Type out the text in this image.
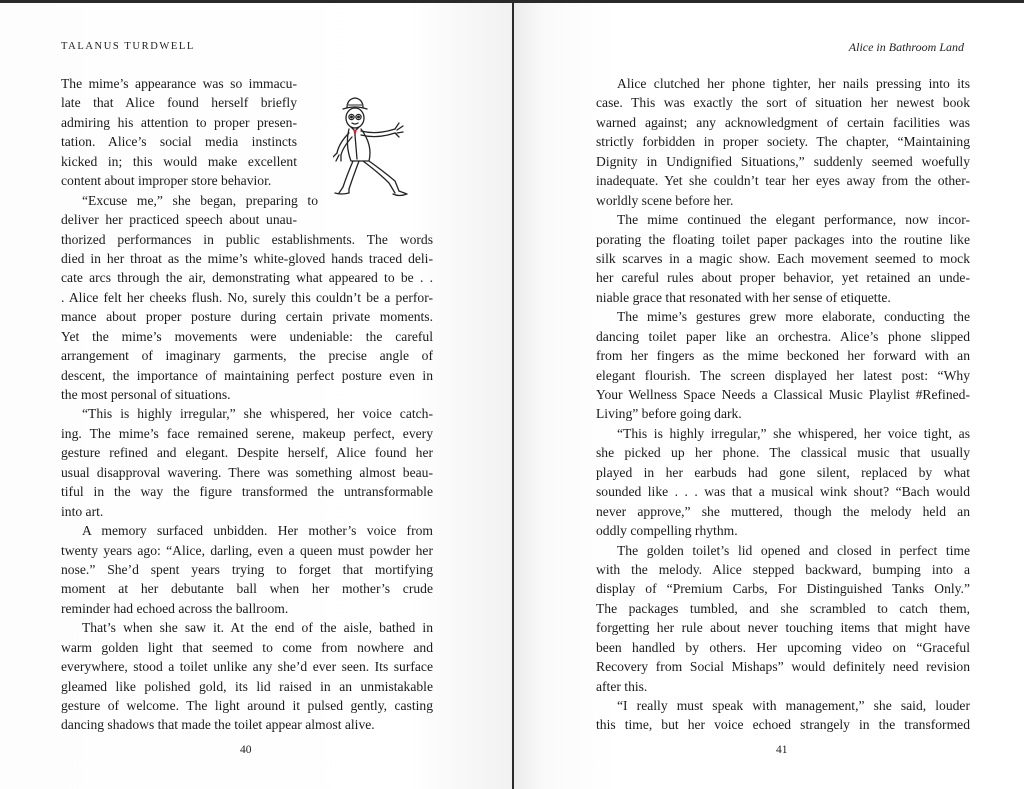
TALANUS TURDWELL
The mime’s appearance was so immacu-
late that Alice found herself briefly
admiring his attention to proper presen-
tation. Alice’s social media instincts
kicked in; this would make excellent
content about improper store behavior.
“Excuse me,” she began, preparing to
deliver her practiced speech about unau-
thorized performances in public establishments. The words
died in her throat as the mime’s white-gloved hands traced deli-
cate arcs through the air, demonstrating what appeared to be . .
. Alice felt her cheeks flush. No, surely this couldn’t be a perfor-
mance about proper posture during certain private moments.
Yet the mime’s movements were undeniable: the careful
arrangement of imaginary garments, the precise angle of
descent, the importance of maintaining perfect posture even in
the most personal of situations.
“This is highly irregular,” she whispered, her voice catch-
ing. The mime’s face remained serene, makeup perfect, every
gesture refined and elegant. Despite herself, Alice found her
usual disapproval wavering. There was something almost beau-
tiful in the way the figure transformed the untransformable
into art.
A memory surfaced unbidden. Her mother’s voice from
twenty years ago: “Alice, darling, even a queen must powder her
nose.” She’d spent years trying to forget that mortifying
moment at her debutante ball when her mother’s crude
reminder had echoed across the ballroom.
That’s when she saw it. At the end of the aisle, bathed in
warm golden light that seemed to come from nowhere and
everywhere, stood a toilet unlike any she’d ever seen. Its surface
gleamed like polished gold, its lid raised in an unmistakable
gesture of welcome. The light around it pulsed gently, casting
dancing shadows that made the toilet appear almost alive.
40
Alice in Bathroom Land
Alice clutched her phone tighter, her nails pressing into its
case. This was exactly the sort of situation her newest book
warned against; any acknowledgment of certain facilities was
strictly forbidden in proper society. The chapter, “Maintaining
Dignity in Undignified Situations,” suddenly seemed woefully
inadequate. Yet she couldn’t tear her eyes away from the other-
worldly scene before her.
The mime continued the elegant performance, now incor-
porating the floating toilet paper packages into the routine like
silk scarves in a magic show. Each movement seemed to mock
her careful rules about proper behavior, yet retained an unde-
niable grace that resonated with her sense of etiquette.
The mime’s gestures grew more elaborate, conducting the
dancing toilet paper like an orchestra. Alice’s phone slipped
from her fingers as the mime beckoned her forward with an
elegant flourish. The screen displayed her latest post: “Why
Your Wellness Space Needs a Classical Music Playlist #Refined-
Living” before going dark.
“This is highly irregular,” she whispered, her voice tight, as
she picked up her phone. The classical music that usually
played in her earbuds had gone silent, replaced by what
sounded like . . . was that a musical wink shout? “Bach would
never approve,” she muttered, though the melody held an
oddly compelling rhythm.
The golden toilet’s lid opened and closed in perfect time
with the melody. Alice stepped backward, bumping into a
display of “Premium Carbs, For Distinguished Tanks Only.”
The packages tumbled, and she scrambled to catch them,
forgetting her rule about never touching items that might have
been handled by others. Her upcoming video on “Graceful
Recovery from Social Mishaps” would definitely need revision
after this.
“I really must speak with management,” she said, louder
this time, but her voice echoed strangely in the transformed
41
